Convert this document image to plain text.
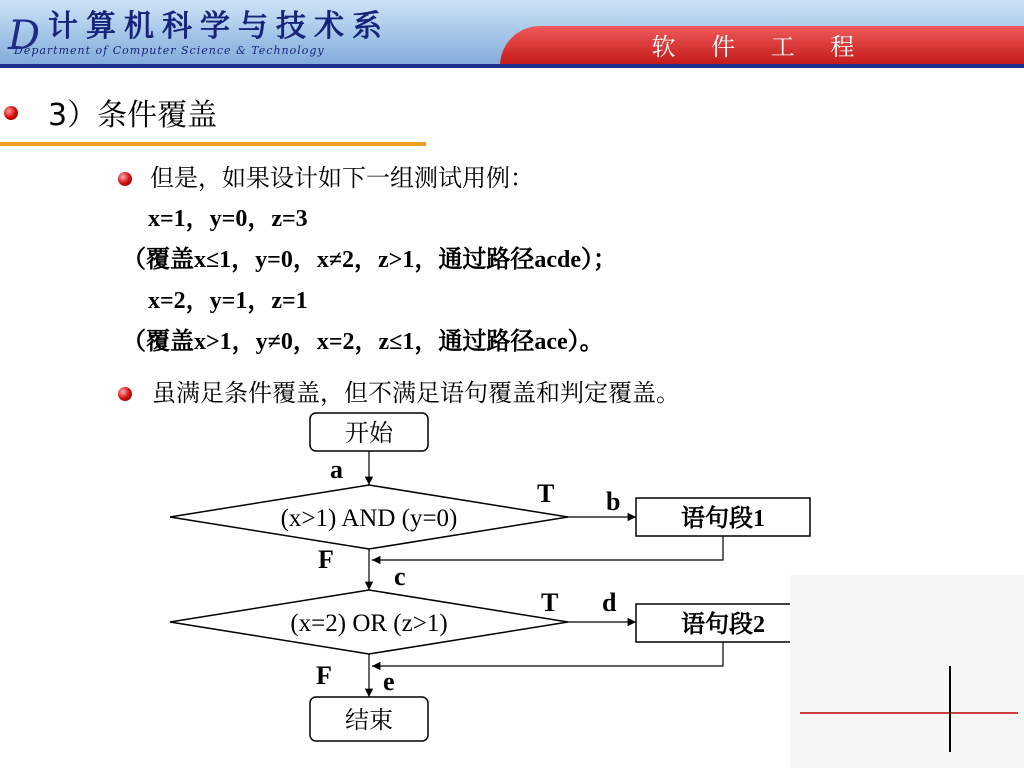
D 计算机科学与技术系
Department of Computer Science & Technology	软 件 工 程
3）条件覆盖
但是，如果设计如下一组测试用例：
x=1，y=0，z=3
（覆盖x≤1，y=0，x≠2，z>1，通过路径acde）；
x=2，y=1，z=1
（覆盖x>1，y≠0，x=2，z≤1，通过路径ace）。
虽满足条件覆盖，但不满足语句覆盖和判定覆盖。
开始
a
(x>1) AND (y=0)
T b
语句段1
F
c
(x=2) OR (z>1)
T d
语句段2
F e
结束
